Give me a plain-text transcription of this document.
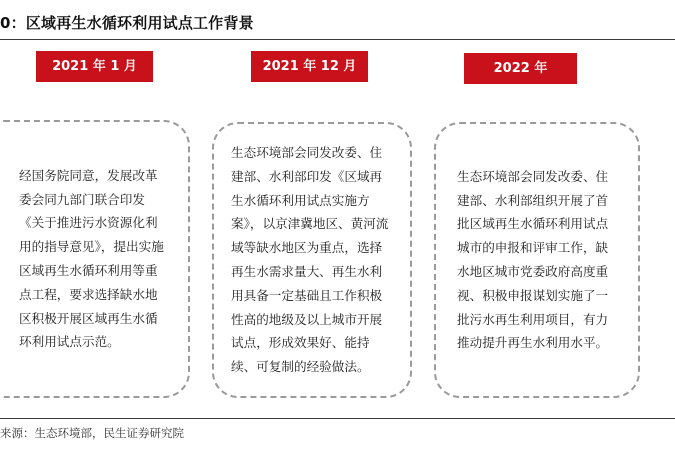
0：区域再生水循环利用试点工作背景
2021 年 1 月	2021 年 12 月	2022 年

经国务院同意，发展改革委会同九部门联合印发《关于推进污水资源化利用的指导意见》，提出实施区域再生水循环利用等重点工程，要求选择缺水地区积极开展区域再生水循环利用试点示范。

生态环境部会同发改委、住建部、水利部印发《区域再生水循环利用试点实施方案》，以京津冀地区、黄河流域等缺水地区为重点，选择再生水需求量大、再生水利用具备一定基础且工作积极性高的地级及以上城市开展试点，形成效果好、能持续、可复制的经验做法。

生态环境部会同发改委、住建部、水利部组织开展了首批区域再生水循环利用试点城市的申报和评审工作，缺水地区城市党委政府高度重视、积极申报谋划实施了一批污水再生利用项目，有力推动提升再生水利用水平。

来源：生态环境部，民生证券研究院
